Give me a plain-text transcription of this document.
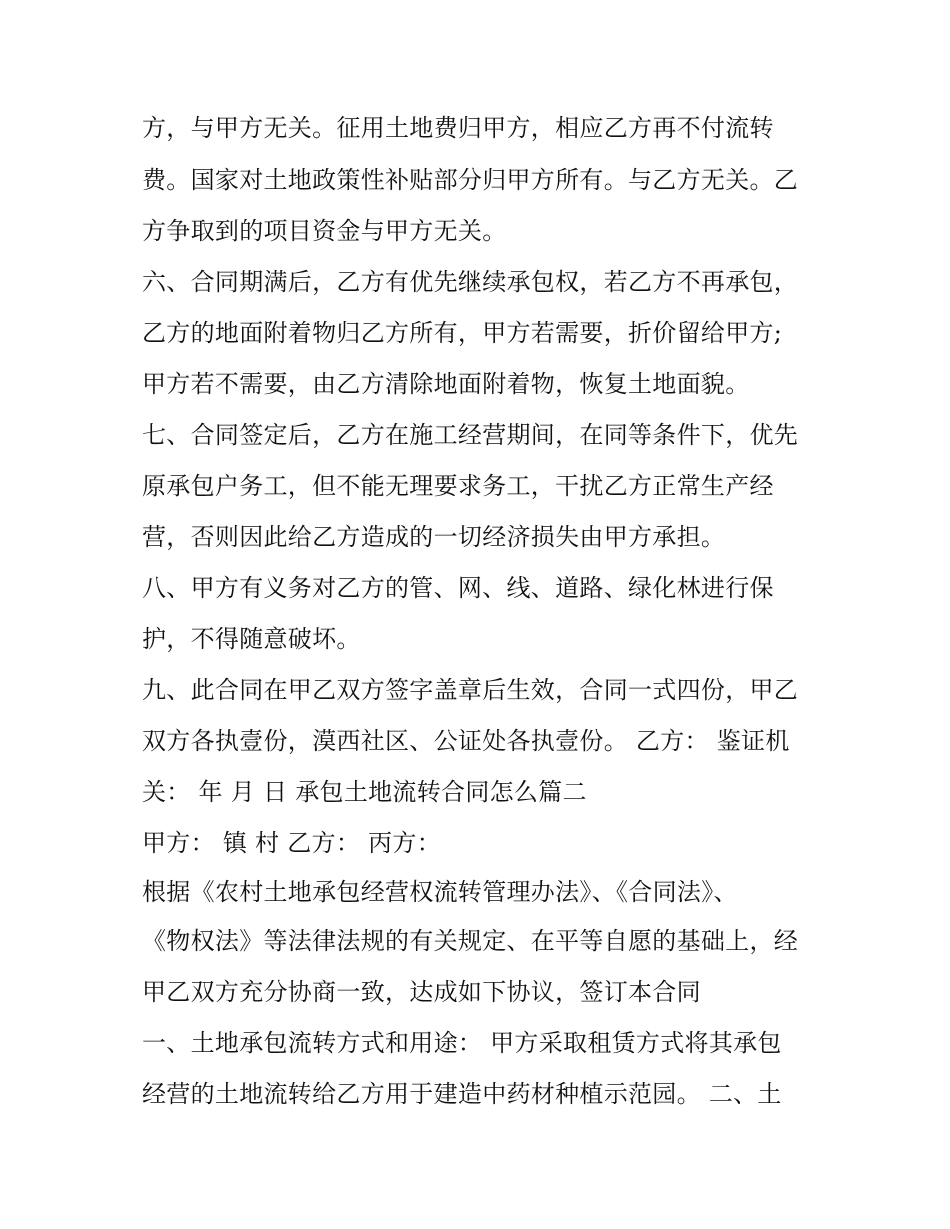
方，与甲方无关。征用土地费归甲方，相应乙方再不付流转
费。国家对土地政策性补贴部分归甲方所有。与乙方无关。乙
方争取到的项目资金与甲方无关。
六、合同期满后，乙方有优先继续承包权，若乙方不再承包，
乙方的地面附着物归乙方所有，甲方若需要，折价留给甲方;
甲方若不需要，由乙方清除地面附着物，恢复土地面貌。
七、合同签定后，乙方在施工经营期间，在同等条件下，优先
原承包户务工，但不能无理要求务工，干扰乙方正常生产经
营，否则因此给乙方造成的一切经济损失由甲方承担。
八、甲方有义务对乙方的管、网、线、道路、绿化林进行保
护，不得随意破坏。
九、此合同在甲乙双方签字盖章后生效，合同一式四份，甲乙
双方各执壹份，漠西社区、公证处各执壹份。 乙方： 鉴证机
关： 年 月 日 承包土地流转合同怎么篇二
甲方： 镇 村 乙方： 丙方：
根据《农村土地承包经营权流转管理办法》、《合同法》、
《物权法》等法律法规的有关规定、在平等自愿的基础上，经
甲乙双方充分协商一致，达成如下协议，签订本合同
一、土地承包流转方式和用途： 甲方采取租赁方式将其承包
经营的土地流转给乙方用于建造中药材种植示范园。 二、土
